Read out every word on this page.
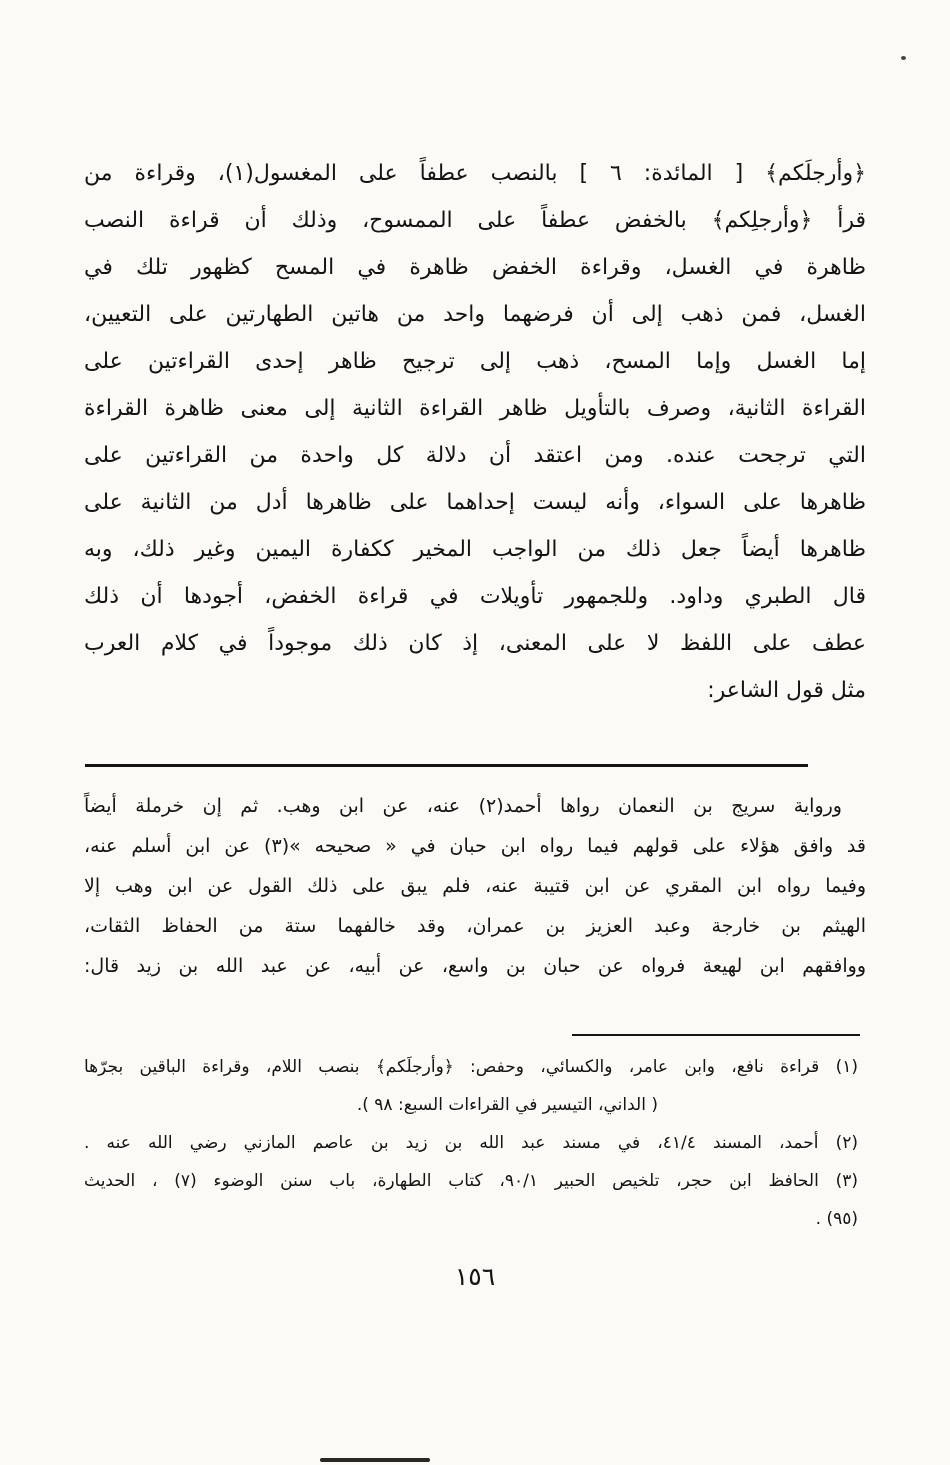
﴿وأرجلَكم﴾ [ المائدة: ٦ ] بالنصب عطفاً على المغسول(١)، وقراءة من
قرأ ﴿وأرجلِكم﴾ بالخفض عطفاً على الممسوح، وذلك أن قراءة النصب
ظاهرة في الغسل، وقراءة الخفض ظاهرة في المسح كظهور تلك في
الغسل، فمن ذهب إلى أن فرضهما واحد من هاتين الطهارتين على التعيين،
إما الغسل وإما المسح، ذهب إلى ترجيح ظاهر إحدى القراءتين على
القراءة الثانية، وصرف بالتأويل ظاهر القراءة الثانية إلى معنى ظاهرة القراءة
التي ترجحت عنده. ومن اعتقد أن دلالة كل واحدة من القراءتين على
ظاهرها على السواء، وأنه ليست إحداهما على ظاهرها أدل من الثانية على
ظاهرها أيضاً جعل ذلك من الواجب المخير ككفارة اليمين وغير ذلك، وبه
قال الطبري وداود. وللجمهور تأويلات في قراءة الخفض، أجودها أن ذلك
عطف على اللفظ لا على المعنى، إذ كان ذلك موجوداً في كلام العرب
مثل قول الشاعر:
ورواية سريج بن النعمان رواها أحمد(٢) عنه، عن ابن وهب. ثم إن خرملة أيضاً
قد وافق هؤلاء على قولهم فيما رواه ابن حبان في « صحيحه »(٣) عن ابن أسلم عنه،
وفيما رواه ابن المقري عن ابن قتيبة عنه، فلم يبق على ذلك القول عن ابن وهب إلا
الهيثم بن خارجة وعبد العزيز بن عمران، وقد خالفهما ستة من الحفاظ الثقات،
ووافقهم ابن لهيعة فرواه عن حبان بن واسع، عن أبيه، عن عبد الله بن زيد قال:
(١) قراءة نافع، وابن عامر، والكسائي، وحفص: ﴿وأرجلَكم﴾ بنصب اللام، وقراءة الباقين بجرّها
( الداني، التيسير في القراءات السبع: ٩٨ ).
(٢) أحمد، المسند ٤١/٤، في مسند عبد الله بن زيد بن عاصم المازني رضي الله عنه .
(٣) الحافظ ابن حجر، تلخيص الحبير ٩٠/١، كتاب الطهارة، باب سنن الوضوء (٧) ، الحديث
(٩٥) .
١٥٦
